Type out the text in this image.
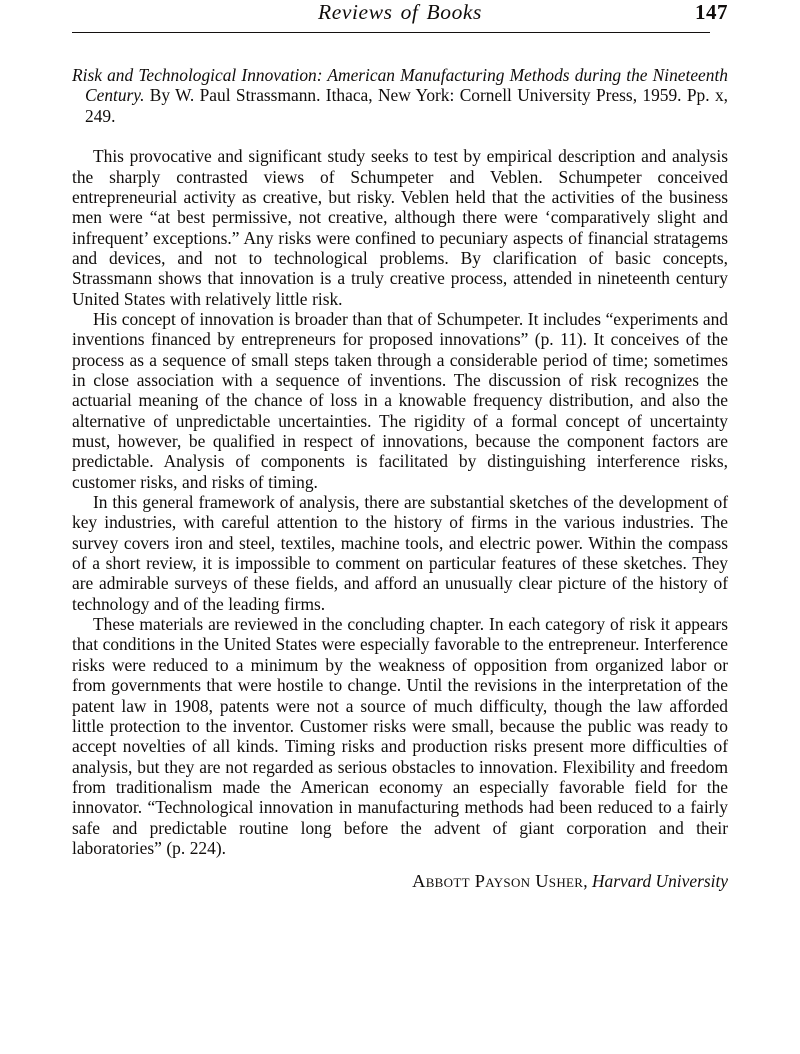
Reviews of Books	147
Risk and Technological Innovation: American Manufacturing Methods during the Nineteenth Century. By W. Paul Strassmann. Ithaca, New York: Cornell University Press, 1959. Pp. x, 249.

This provocative and significant study seeks to test by empirical description and analysis the sharply contrasted views of Schumpeter and Veblen. Schumpeter conceived entrepreneurial activity as creative, but risky. Veblen held that the activities of the business men were “at best permissive, not creative, although there were ‘comparatively slight and infrequent’ exceptions.” Any risks were confined to pecuniary aspects of financial stratagems and devices, and not to technological problems. By clarification of basic concepts, Strassmann shows that innovation is a truly creative process, attended in nineteenth century United States with relatively little risk.

His concept of innovation is broader than that of Schumpeter. It includes “experiments and inventions financed by entrepreneurs for proposed innovations” (p. 11). It conceives of the process as a sequence of small steps taken through a considerable period of time; sometimes in close association with a sequence of inventions. The discussion of risk recognizes the actuarial meaning of the chance of loss in a knowable frequency distribution, and also the alternative of unpredictable uncertainties. The rigidity of a formal concept of uncertainty must, however, be qualified in respect of innovations, because the component factors are predictable. Analysis of components is facilitated by distinguishing interference risks, customer risks, and risks of timing.

In this general framework of analysis, there are substantial sketches of the development of key industries, with careful attention to the history of firms in the various industries. The survey covers iron and steel, textiles, machine tools, and electric power. Within the compass of a short review, it is impossible to comment on particular features of these sketches. They are admirable surveys of these fields, and afford an unusually clear picture of the history of technology and of the leading firms.

These materials are reviewed in the concluding chapter. In each category of risk it appears that conditions in the United States were especially favorable to the entrepreneur. Interference risks were reduced to a minimum by the weakness of opposition from organized labor or from governments that were hostile to change. Until the revisions in the interpretation of the patent law in 1908, patents were not a source of much difficulty, though the law afforded little protection to the inventor. Customer risks were small, because the public was ready to accept novelties of all kinds. Timing risks and production risks present more difficulties of analysis, but they are not regarded as serious obstacles to innovation. Flexibility and freedom from traditionalism made the American economy an especially favorable field for the innovator. “Technological innovation in manufacturing methods had been reduced to a fairly safe and predictable routine long before the advent of giant corporation and their laboratories” (p. 224).

Abbott Payson Usher, Harvard University
